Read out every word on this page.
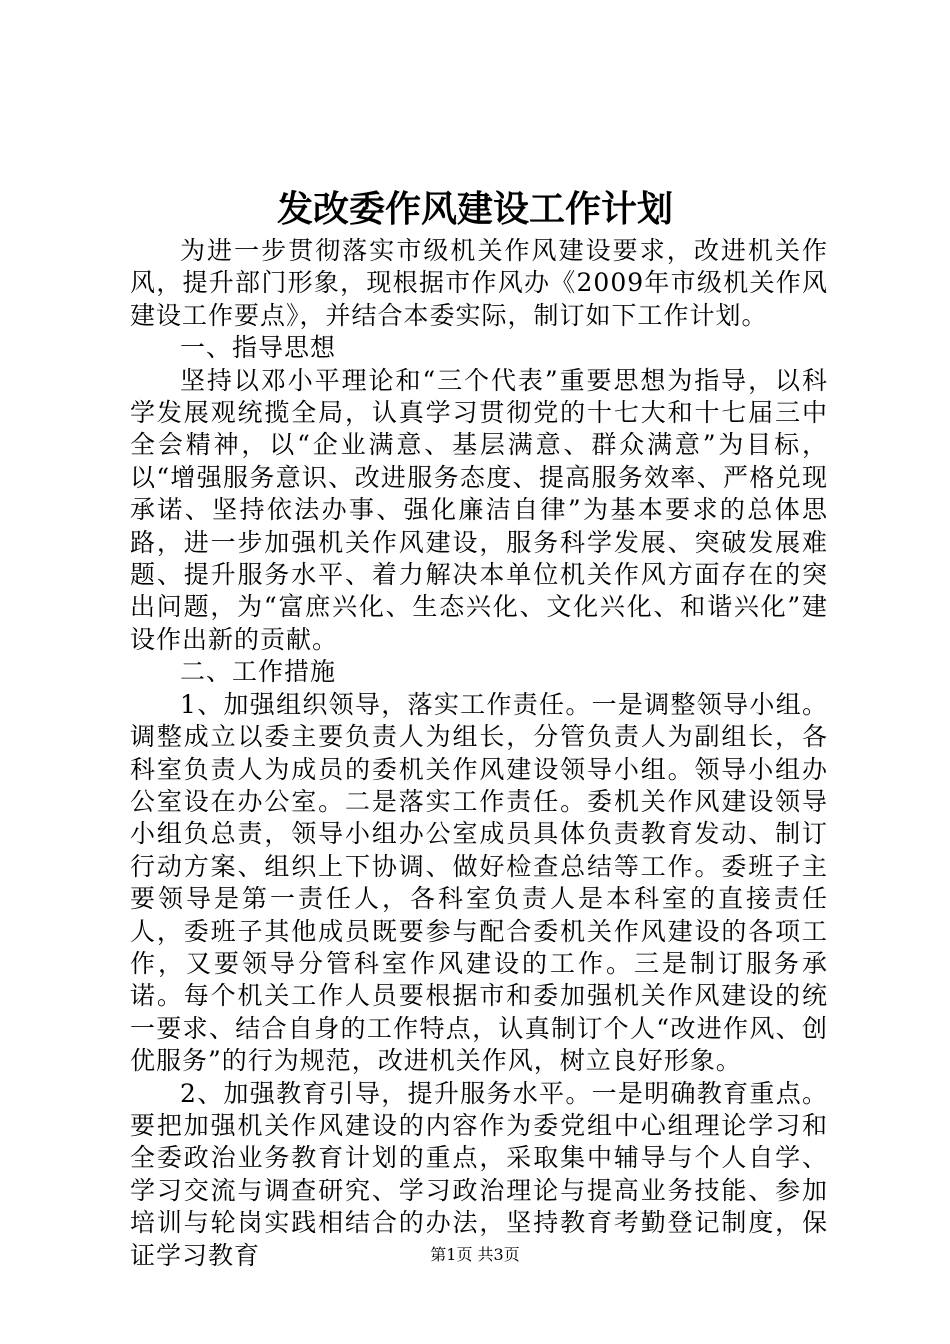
发改委作风建设工作计划

为进一步贯彻落实市级机关作风建设要求，改进机关作风，提升部门形象，现根据市作风办《2009年市级机关作风建设工作要点》，并结合本委实际，制订如下工作计划。

一、指导思想

坚持以邓小平理论和“三个代表”重要思想为指导，以科学发展观统揽全局，认真学习贯彻党的十七大和十七届三中全会精神，以“企业满意、基层满意、群众满意”为目标，以“增强服务意识、改进服务态度、提高服务效率、严格兑现承诺、坚持依法办事、强化廉洁自律”为基本要求的总体思路，进一步加强机关作风建设，服务科学发展、突破发展难题、提升服务水平、着力解决本单位机关作风方面存在的突出问题，为“富庶兴化、生态兴化、文化兴化、和谐兴化”建设作出新的贡献。

二、工作措施

1、加强组织领导，落实工作责任。一是调整领导小组。调整成立以委主要负责人为组长，分管负责人为副组长，各科室负责人为成员的委机关作风建设领导小组。领导小组办公室设在办公室。二是落实工作责任。委机关作风建设领导小组负总责，领导小组办公室成员具体负责教育发动、制订行动方案、组织上下协调、做好检查总结等工作。委班子主要领导是第一责任人，各科室负责人是本科室的直接责任人，委班子其他成员既要参与配合委机关作风建设的各项工作，又要领导分管科室作风建设的工作。三是制订服务承诺。每个机关工作人员要根据市和委加强机关作风建设的统一要求、结合自身的工作特点，认真制订个人“改进作风、创优服务”的行为规范，改进机关作风，树立良好形象。

2、加强教育引导，提升服务水平。一是明确教育重点。要把加强机关作风建设的内容作为委党组中心组理论学习和全委政治业务教育计划的重点，采取集中辅导与个人自学、学习交流与调查研究、学习政治理论与提高业务技能、参加培训与轮岗实践相结合的办法，坚持教育考勤登记制度，保证学习教育	第1页 共3页
